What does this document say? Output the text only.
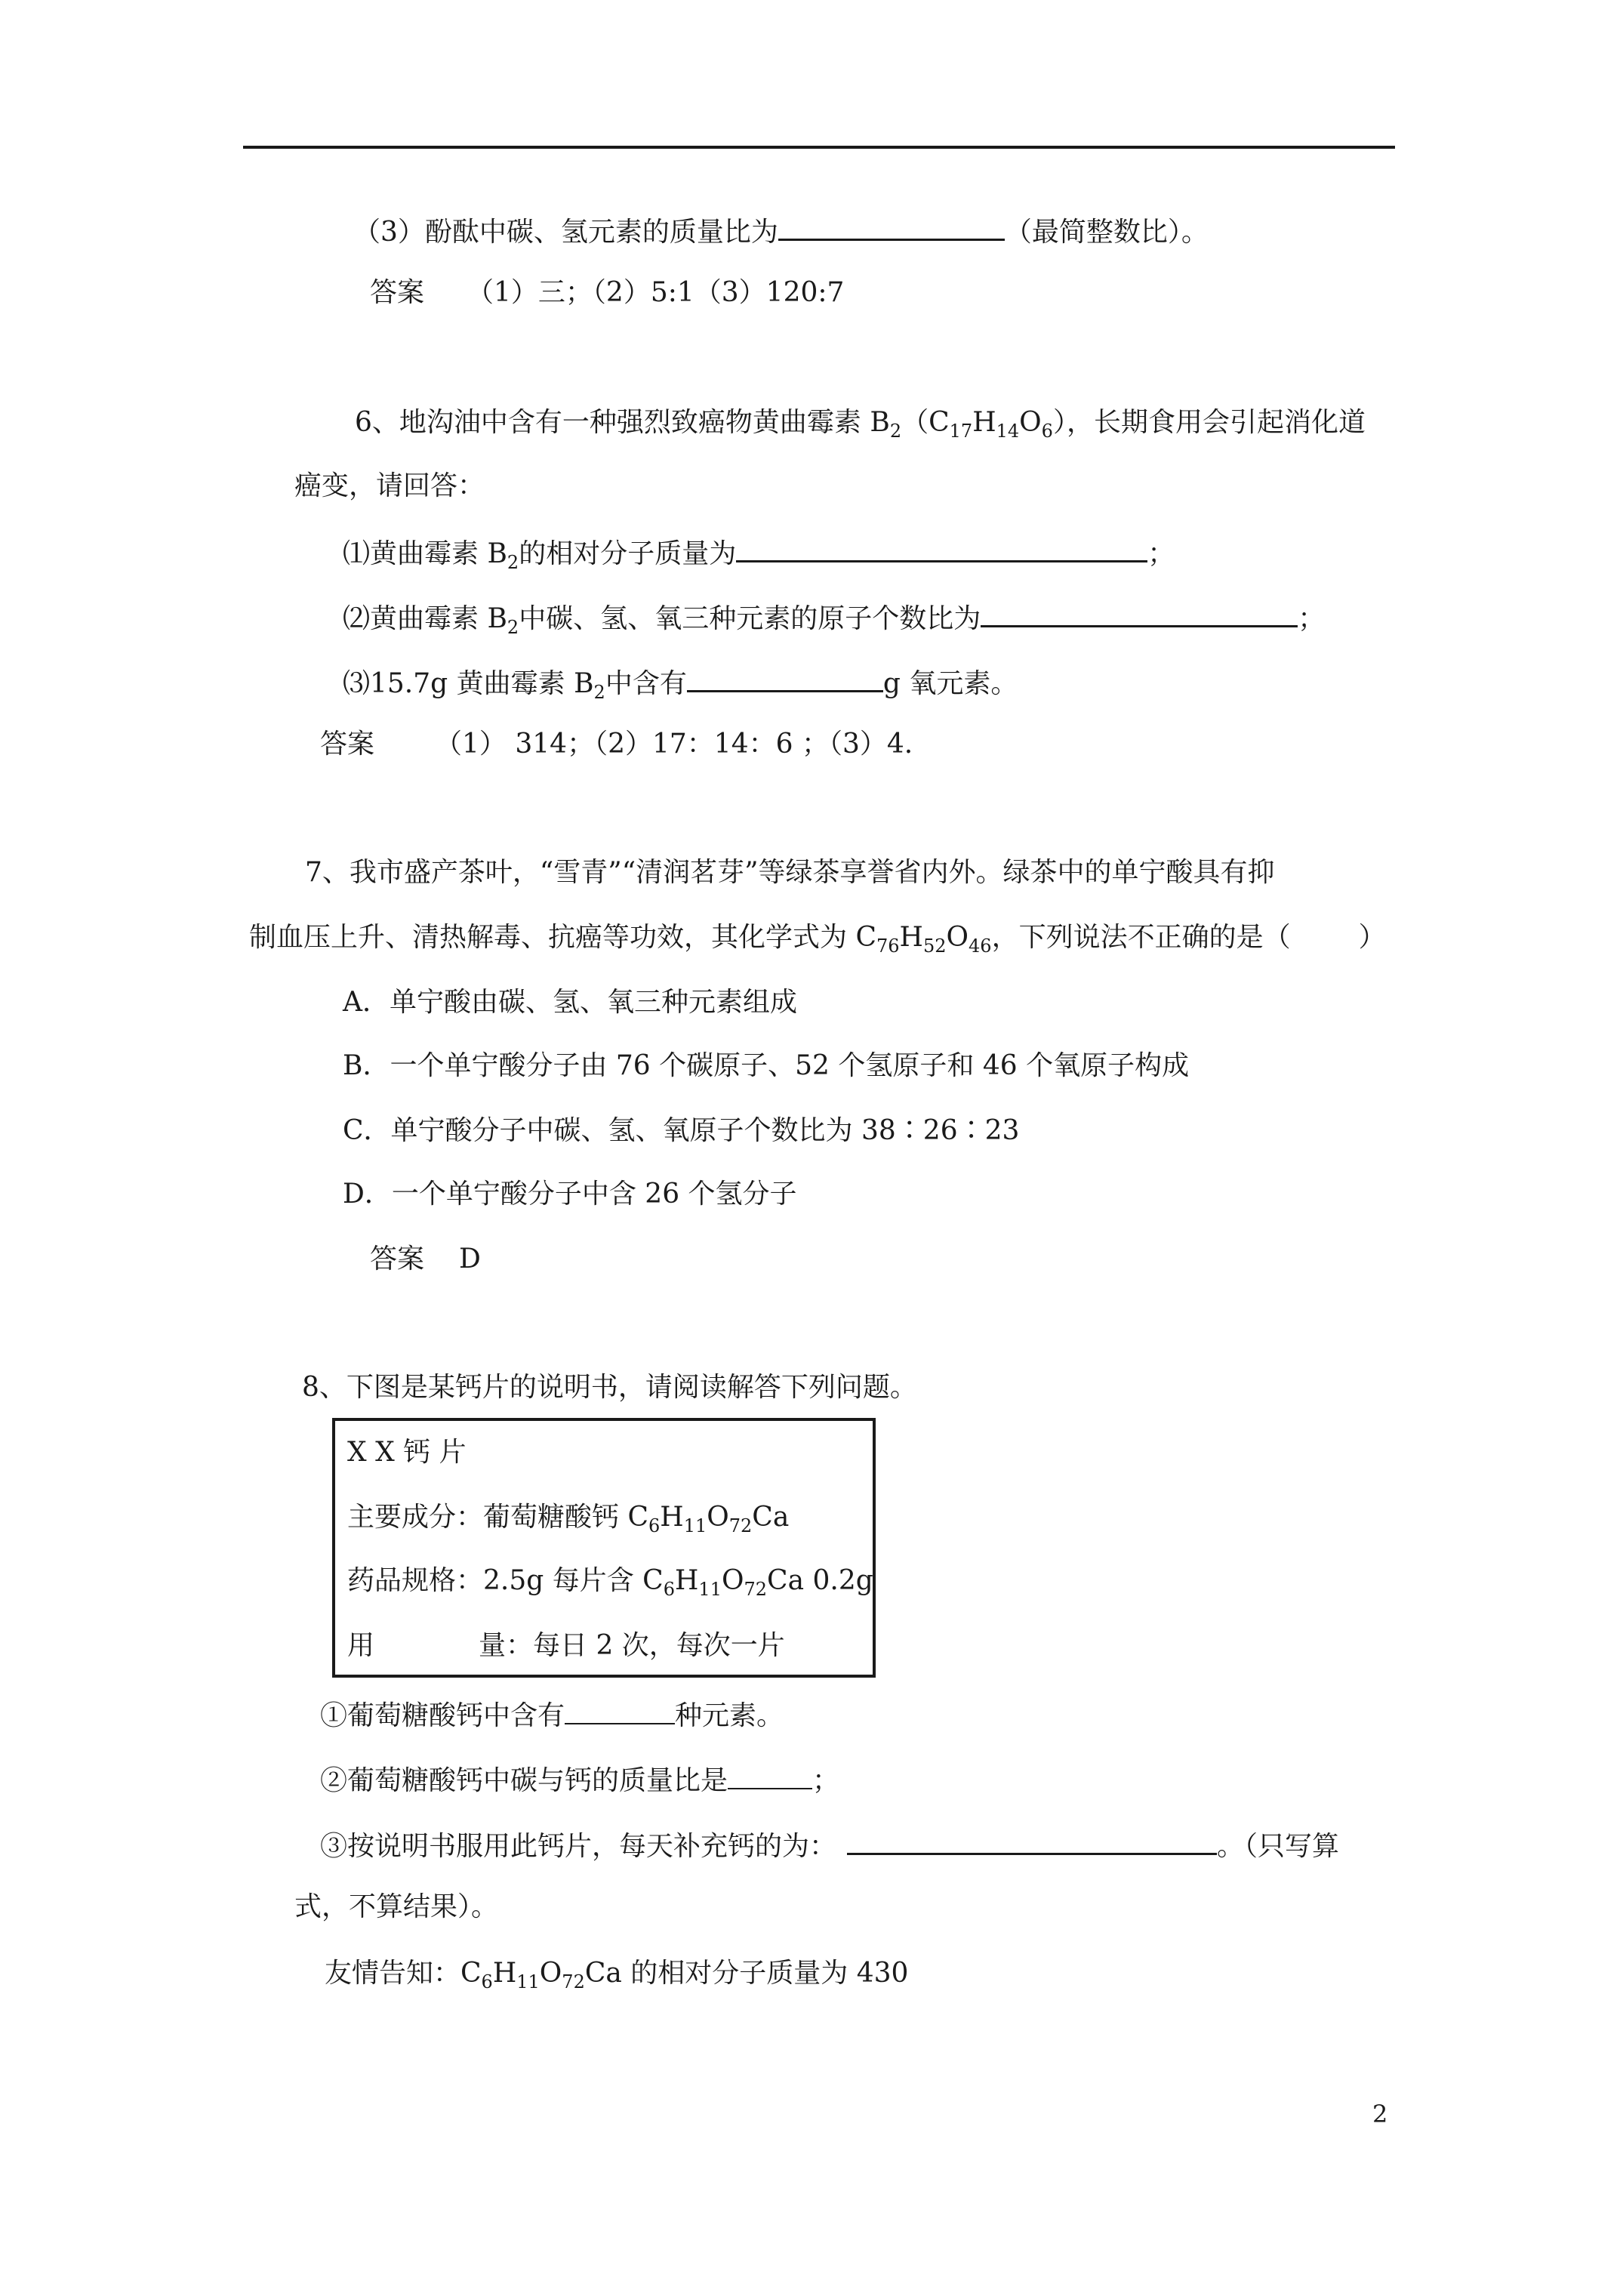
（3）酚酞中碳、氢元素的质量比为	（最简整数比）。
答案 （1）三；（2）5:1（3）120:7
6、地沟油中含有一种强烈致癌物黄曲霉素 $B_2(C_{17}H_{14}O_6)$，长期食用会引起消化道
癌变，请回答：
⑴黄曲霉素 $B_2$的相对分子质量为	；
⑵黄曲霉素 $B_2$中碳、氢、氧三种元素的原子个数比为	；
⑶15.7g 黄曲霉素 $B_2$中含有	g 氧元素。
答案 （1） 314；（2）17：14：6 ；（3）4.
7、我市盛产茶叶，“雪青”“清润茗芽”等绿茶享誉省内外。绿茶中的单宁酸具有抑
制血压上升、清热解毒、抗癌等功效，其化学式为 $C_{76}H_{52}O_{46}$，下列说法不正确的是（	）
A．单宁酸由碳、氢、氧三种元素组成
B．一个单宁酸分子由 76 个碳原子、52 个氢原子和 46 个氧原子构成
C．单宁酸分子中碳、氢、氧原子个数比为 38∶26∶23
D．一个单宁酸分子中含 26 个氢分子
答案 D
8、下图是某钙片的说明书，请阅读解答下列问题。
X X 钙 片
主要成分：葡萄糖酸钙 $C_6H_{11}O_{72}Ca$
药品规格：2.5g 每片含 $C_6H_{11}O_{72}Ca$ 0.2g
用	量：每日 2 次，每次一片
①葡萄糖酸钙中含有	种元素。
②葡萄糖酸钙中碳与钙的质量比是	；
③按说明书服用此钙片，每天补充钙的为：	。（只写算
式，不算结果）。
友情告知：$C_6H_{11}O_{72}Ca$ 的相对分子质量为 430
2
